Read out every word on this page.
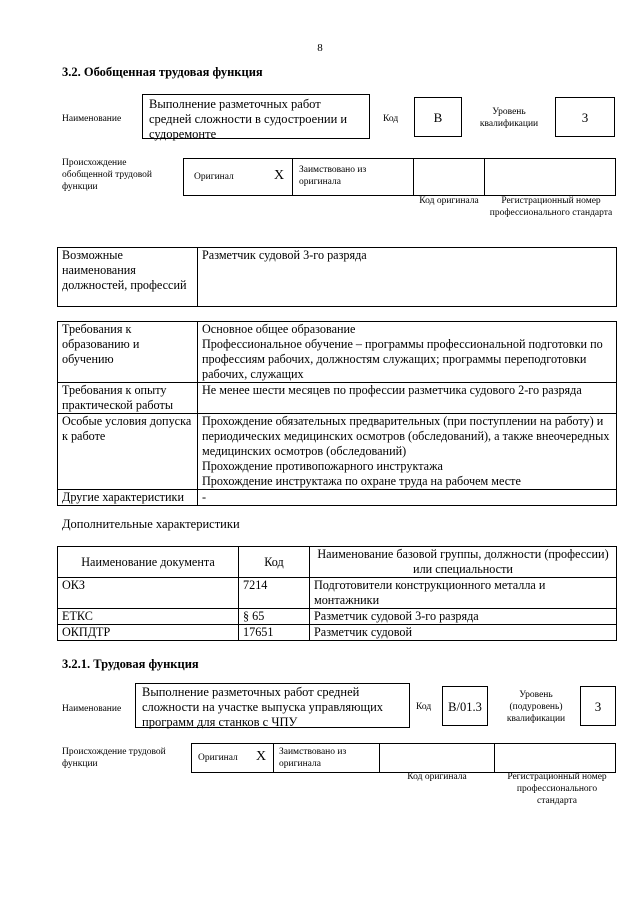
8
3.2. Обобщенная трудовая функция
Наименование
Выполнение разметочных работ средней сложности в судостроении и судоремонте
Код	B	Уровень квалификации	3
Происхождение обобщенной трудовой функции
Оригинал	X Заимствовано из оригинала
Код оригинала	Регистрационный номер профессионального стандарта
Возможные наименования должностей, профессий	Разметчик судовой 3-го разряда
Требования к образованию и обучению	Основное общее образование
Профессиональное обучение – программы профессиональной подготовки по профессиям рабочих, должностям служащих; программы переподготовки рабочих, служащих

Требования к опыту практической работы	Не менее шести месяцев по профессии разметчика судового 2-го разряда
Особые условия допуска к работе	Прохождение обязательных предварительных (при поступлении на работу) и периодических медицинских осмотров (обследований), а также внеочередных медицинских осмотров (обследований)
Прохождение противопожарного инструктажа
Прохождение инструктажа по охране труда на рабочем месте

Другие характеристики	-
Дополнительные характеристики
Наименование документа	Код	Наименование базовой группы, должности (профессии) или специальности
ОКЗ	7214	Подготовители конструкционного металла и монтажники
ЕТКС	§ 65	Разметчик судовой 3-го разряда
ОКПДТР	17651	Разметчик судовой
3.2.1. Трудовая функция
Наименование
Выполнение разметочных работ средней сложности на участке выпуска управляющих программ для станков с ЧПУ
Код	B/01.3
Уровень (подуровень) квалификации
3
Происхождение трудовой функции
Оригинал X Заимствовано из оригинала
Код оригинала	Регистрационный номер профессионального стандарта
